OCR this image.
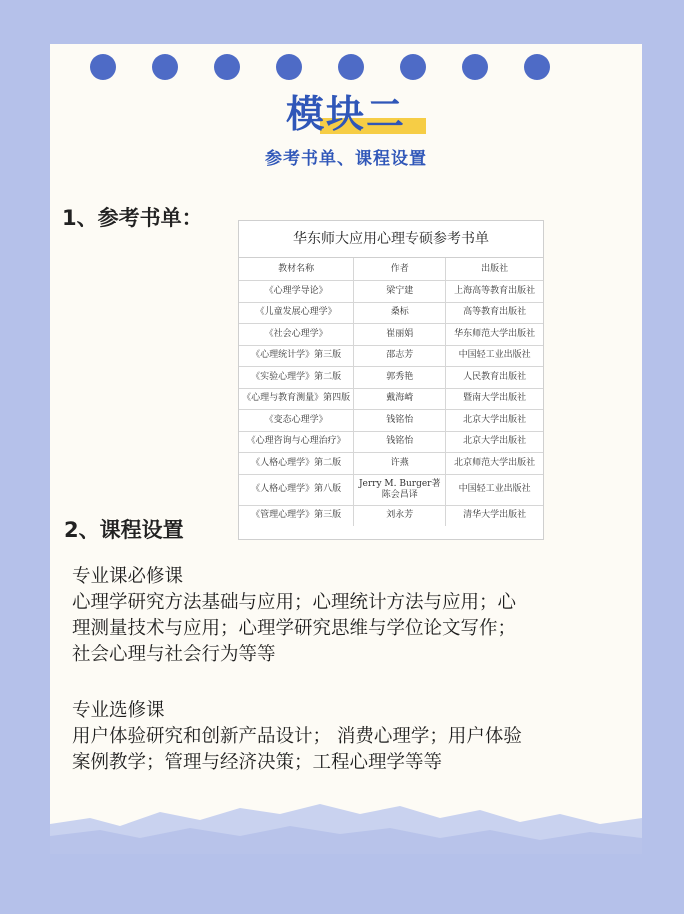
模块二
参考书单、课程设置
1、参考书单：
华东师大应用心理专硕参考书单
教材名称	作者	出版社
《心理学导论》	梁宁建	上海高等教育出版社
《儿童发展心理学》	桑标	高等教育出版社
《社会心理学》	崔丽娟	华东师范大学出版社
《心理统计学》第三版	邵志芳	中国轻工业出版社
《实验心理学》第二版	郭秀艳	人民教育出版社
《心理与教育测量》第四版	戴海崎	暨南大学出版社
《变态心理学》	钱铭怡	北京大学出版社
《心理咨询与心理治疗》	钱铭怡	北京大学出版社
《人格心理学》第二版	许燕	北京师范大学出版社
《人格心理学》第八版	Jerry M. Burger著 陈会昌译	中国轻工业出版社
《管理心理学》第三版	刘永芳	清华大学出版社
2、课程设置
专业课必修课
心理学研究方法基础与应用；心理统计方法与应用；心
理测量技术与应用；心理学研究思维与学位论文写作；
社会心理与社会行为等等
专业选修课
用户体验研究和创新产品设计； 消费心理学；用户体验
案例教学；管理与经济决策；工程心理学等等
